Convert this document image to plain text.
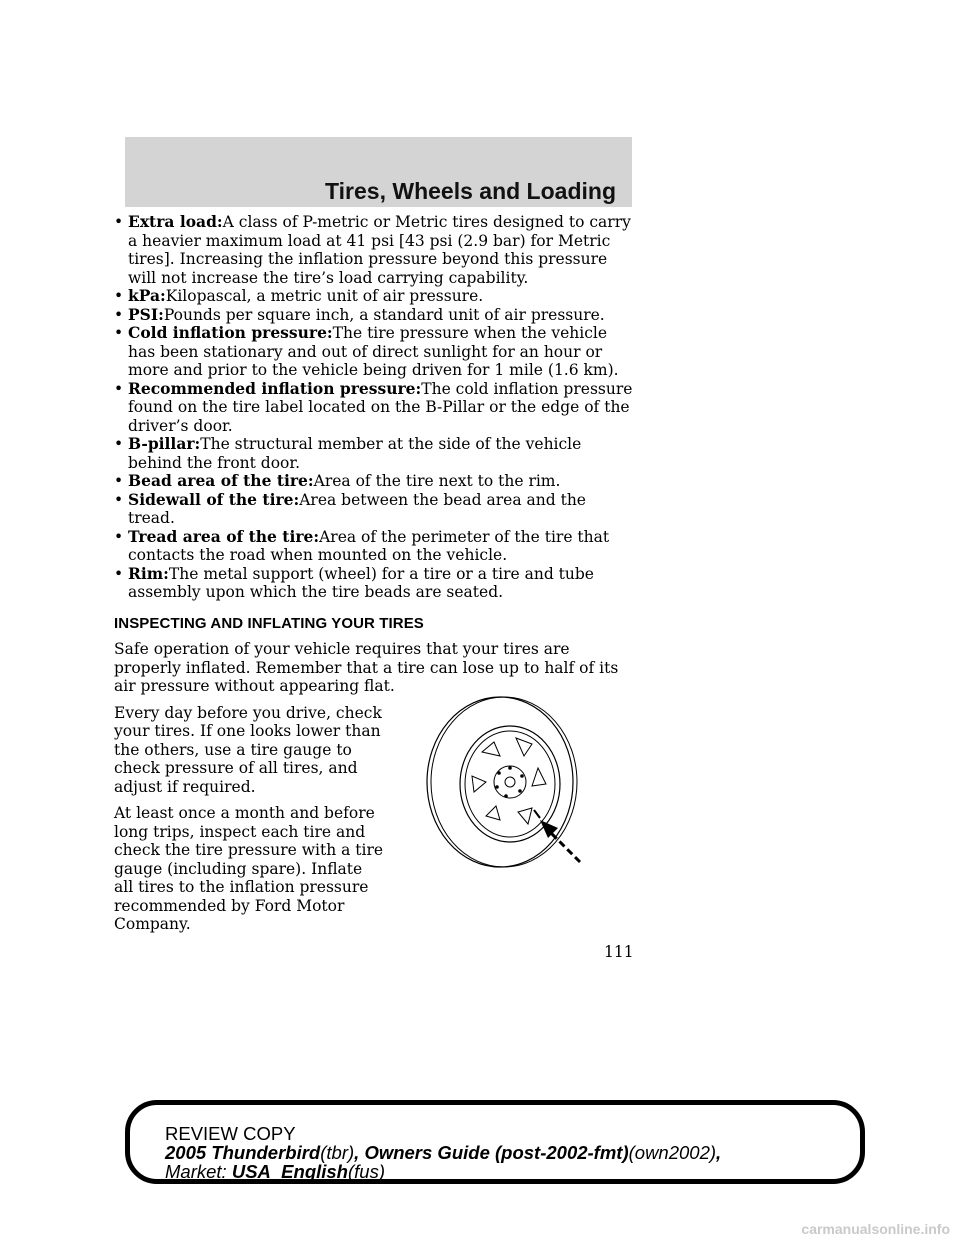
Tires, Wheels and Loading

• Extra load:A class of P-metric or Metric tires designed to carry a heavier maximum load at 41 psi [43 psi (2.9 bar) for Metric tires]. Increasing the inflation pressure beyond this pressure will not increase the tire’s load carrying capability.

• kPa:Kilopascal, a metric unit of air pressure.

• PSI:Pounds per square inch, a standard unit of air pressure.

• Cold inflation pressure:The tire pressure when the vehicle has been stationary and out of direct sunlight for an hour or more and prior to the vehicle being driven for 1 mile (1.6 km).

• Recommended inflation pressure:The cold inflation pressure found on the tire label located on the B-Pillar or the edge of the driver’s door.

• B-pillar:The structural member at the side of the vehicle behind the front door.

• Bead area of the tire:Area of the tire next to the rim.

• Sidewall of the tire:Area between the bead area and the tread.

• Tread area of the tire:Area of the perimeter of the tire that contacts the road when mounted on the vehicle.

• Rim:The metal support (wheel) for a tire or a tire and tube assembly upon which the tire beads are seated.

INSPECTING AND INFLATING YOUR TIRES

Safe operation of your vehicle requires that your tires are properly inflated. Remember that a tire can lose up to half of its air pressure without appearing flat.

Every day before you drive, check your tires. If one looks lower than the others, use a tire gauge to check pressure of all tires, and adjust if required.

At least once a month and before long trips, inspect each tire and check the tire pressure with a tire gauge (including spare). Inflate all tires to the inflation pressure recommended by Ford Motor Company.

111
REVIEW COPY
2005 Thunderbird(tbr), Owners Guide (post-2002-fmt)(own2002),
Market: USA_English(fus)
carmanualsonline.info
